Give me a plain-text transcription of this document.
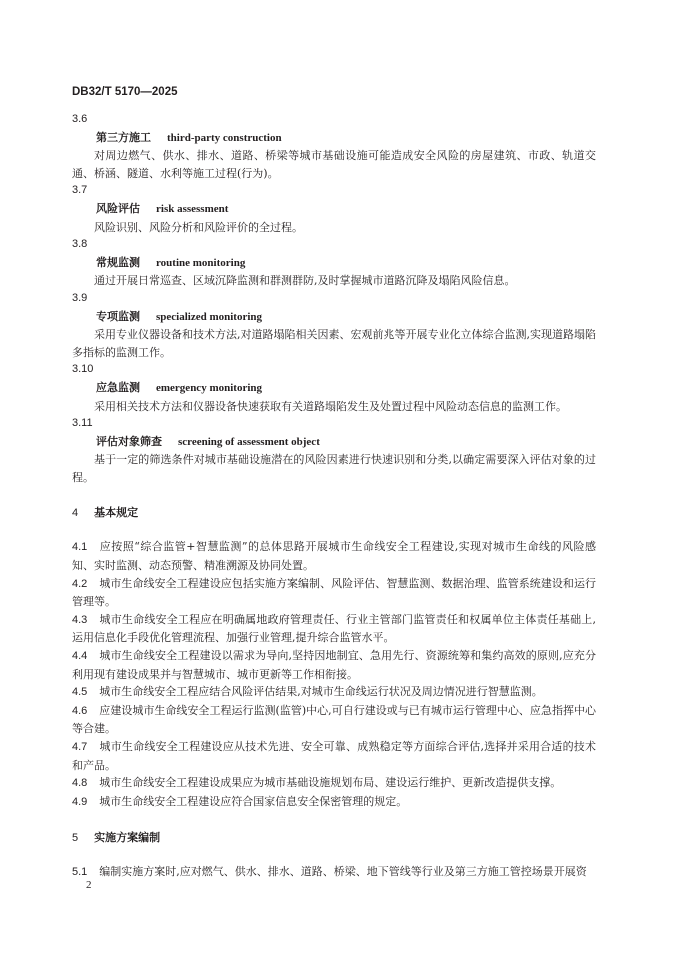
DB32/T 5170—2025
3.6
第三方施工 third-party construction
对周边燃气、供水、排水、道路、桥梁等城市基础设施可能造成安全风险的房屋建筑、市政、轨道交通、桥涵、隧道、水利等施工过程(行为)。
3.7
风险评估 risk assessment
风险识别、风险分析和风险评价的全过程。
3.8
常规监测 routine monitoring
通过开展日常巡查、区域沉降监测和群测群防,及时掌握城市道路沉降及塌陷风险信息。
3.9
专项监测 specialized monitoring
采用专业仪器设备和技术方法,对道路塌陷相关因素、宏观前兆等开展专业化立体综合监测,实现道路塌陷多指标的监测工作。
3.10
应急监测 emergency monitoring
采用相关技术方法和仪器设备快速获取有关道路塌陷发生及处置过程中风险动态信息的监测工作。
3.11
评估对象筛查 screening of assessment object
基于一定的筛选条件对城市基础设施潜在的风险因素进行快速识别和分类,以确定需要深入评估对象的过程。
4 基本规定
4.1 应按照“综合监管+智慧监测”的总体思路开展城市生命线安全工程建设,实现对城市生命线的风险感知、实时监测、动态预警、精准溯源及协同处置。
4.2 城市生命线安全工程建设应包括实施方案编制、风险评估、智慧监测、数据治理、监管系统建设和运行管理等。
4.3 城市生命线安全工程应在明确属地政府管理责任、行业主管部门监管责任和权属单位主体责任基础上,运用信息化手段优化管理流程、加强行业管理,提升综合监管水平。
4.4 城市生命线安全工程建设以需求为导向,坚持因地制宜、急用先行、资源统筹和集约高效的原则,应充分利用现有建设成果并与智慧城市、城市更新等工作相衔接。
4.5 城市生命线安全工程应结合风险评估结果,对城市生命线运行状况及周边情况进行智慧监测。
4.6 应建设城市生命线安全工程运行监测(监管)中心,可自行建设或与已有城市运行管理中心、应急指挥中心等合建。
4.7 城市生命线安全工程建设应从技术先进、安全可靠、成熟稳定等方面综合评估,选择并采用合适的技术和产品。
4.8 城市生命线安全工程建设成果应为城市基础设施规划布局、建设运行维护、更新改造提供支撑。
4.9 城市生命线安全工程建设应符合国家信息安全保密管理的规定。
5 实施方案编制
5.1 编制实施方案时,应对燃气、供水、排水、道路、桥梁、地下管线等行业及第三方施工管控场景开展资
2
